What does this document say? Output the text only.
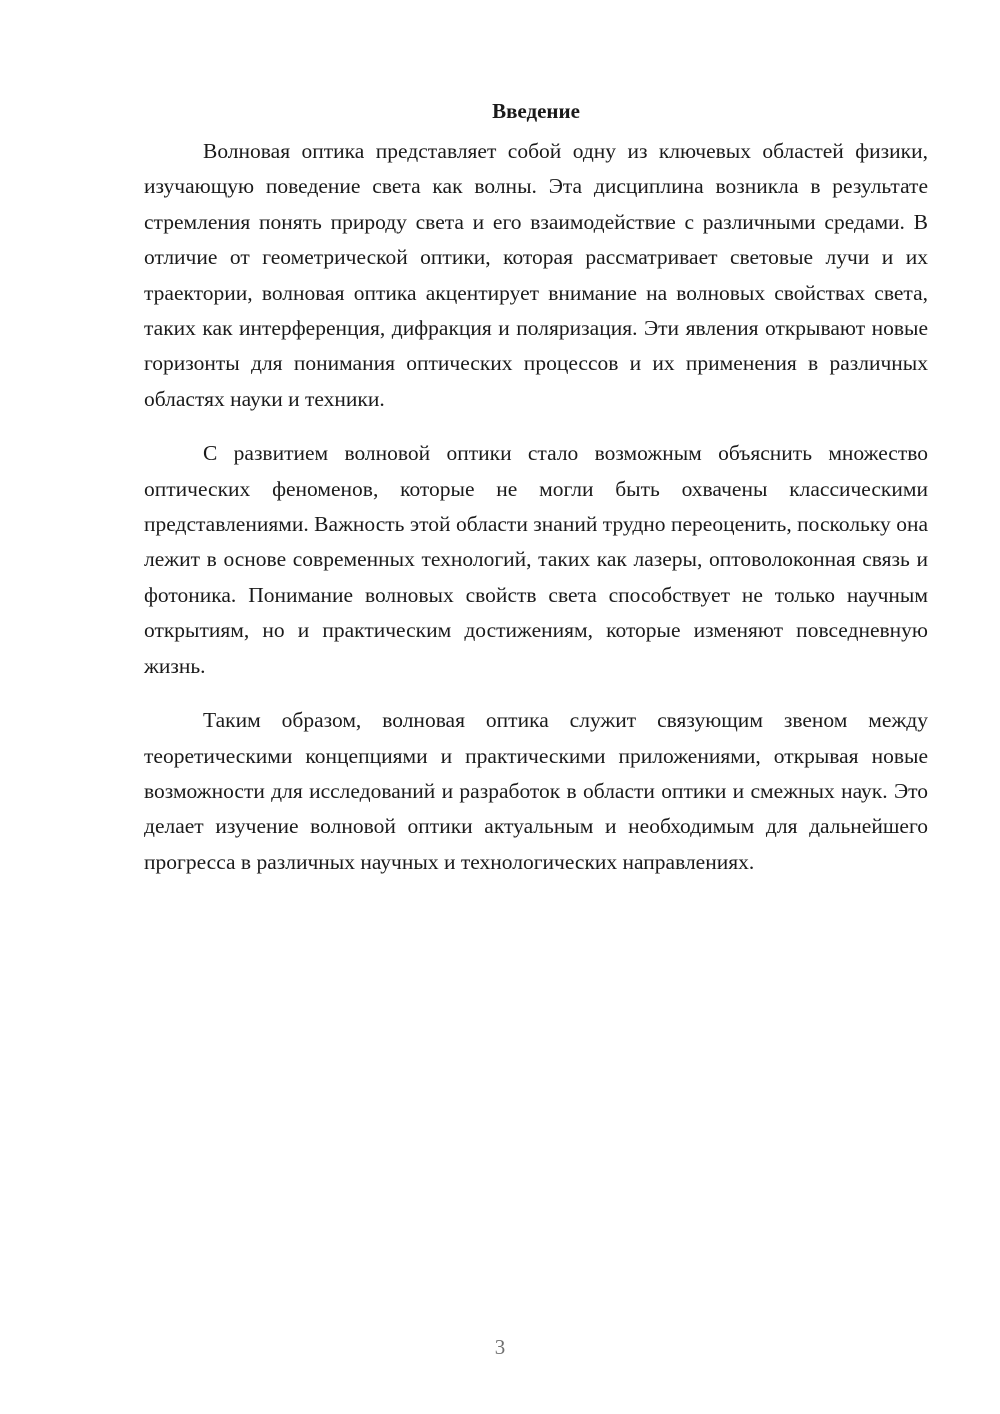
Введение

Волновая оптика представляет собой одну из ключевых областей физики, изучающую поведение света как волны. Эта дисциплина возникла в результате стремления понять природу света и его взаимодействие с различными средами. В отличие от геометрической оптики, которая рассматривает световые лучи и их траектории, волновая оптика акцентирует внимание на волновых свойствах света, таких как интерференция, дифракция и поляризация. Эти явления открывают новые горизонты для понимания оптических процессов и их применения в различных областях науки и техники.

С развитием волновой оптики стало возможным объяснить множество оптических феноменов, которые не могли быть охвачены классическими представлениями. Важность этой области знаний трудно переоценить, поскольку она лежит в основе современных технологий, таких как лазеры, оптоволоконная связь и фотоника. Понимание волновых свойств света способствует не только научным открытиям, но и практическим достижениям, которые изменяют повседневную жизнь.

Таким образом, волновая оптика служит связующим звеном между теоретическими концепциями и практическими приложениями, открывая новые возможности для исследований и разработок в области оптики и смежных наук. Это делает изучение волновой оптики актуальным и необходимым для дальнейшего прогресса в различных научных и технологических направлениях.

3
